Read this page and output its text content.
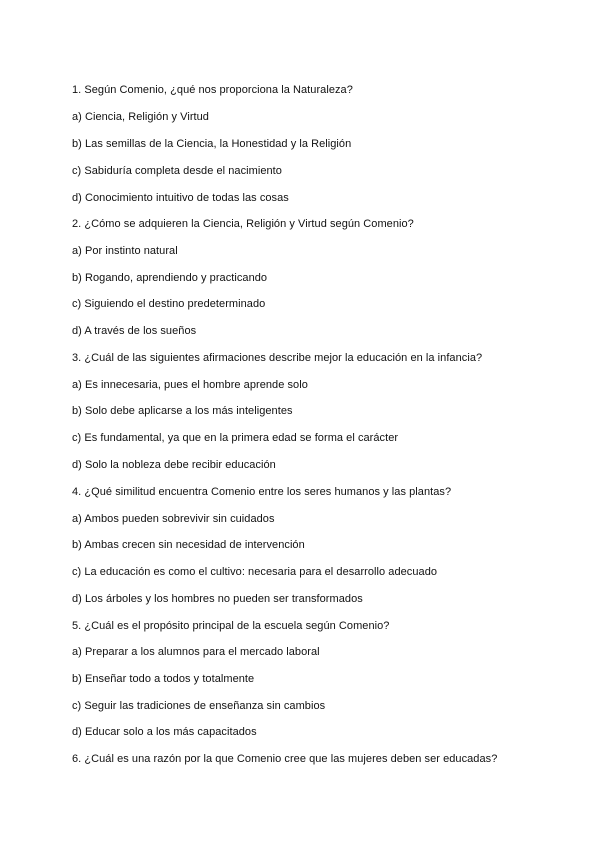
1. Según Comenio, ¿qué nos proporciona la Naturaleza?
a) Ciencia, Religión y Virtud
b) Las semillas de la Ciencia, la Honestidad y la Religión
c) Sabiduría completa desde el nacimiento
d) Conocimiento intuitivo de todas las cosas
2. ¿Cómo se adquieren la Ciencia, Religión y Virtud según Comenio?
a) Por instinto natural
b) Rogando, aprendiendo y practicando
c) Siguiendo el destino predeterminado
d) A través de los sueños
3. ¿Cuál de las siguientes afirmaciones describe mejor la educación en la infancia?
a) Es innecesaria, pues el hombre aprende solo
b) Solo debe aplicarse a los más inteligentes
c) Es fundamental, ya que en la primera edad se forma el carácter
d) Solo la nobleza debe recibir educación
4. ¿Qué similitud encuentra Comenio entre los seres humanos y las plantas?
a) Ambos pueden sobrevivir sin cuidados
b) Ambas crecen sin necesidad de intervención
c) La educación es como el cultivo: necesaria para el desarrollo adecuado
d) Los árboles y los hombres no pueden ser transformados
5. ¿Cuál es el propósito principal de la escuela según Comenio?
a) Preparar a los alumnos para el mercado laboral
b) Enseñar todo a todos y totalmente
c) Seguir las tradiciones de enseñanza sin cambios
d) Educar solo a los más capacitados
6. ¿Cuál es una razón por la que Comenio cree que las mujeres deben ser educadas?
